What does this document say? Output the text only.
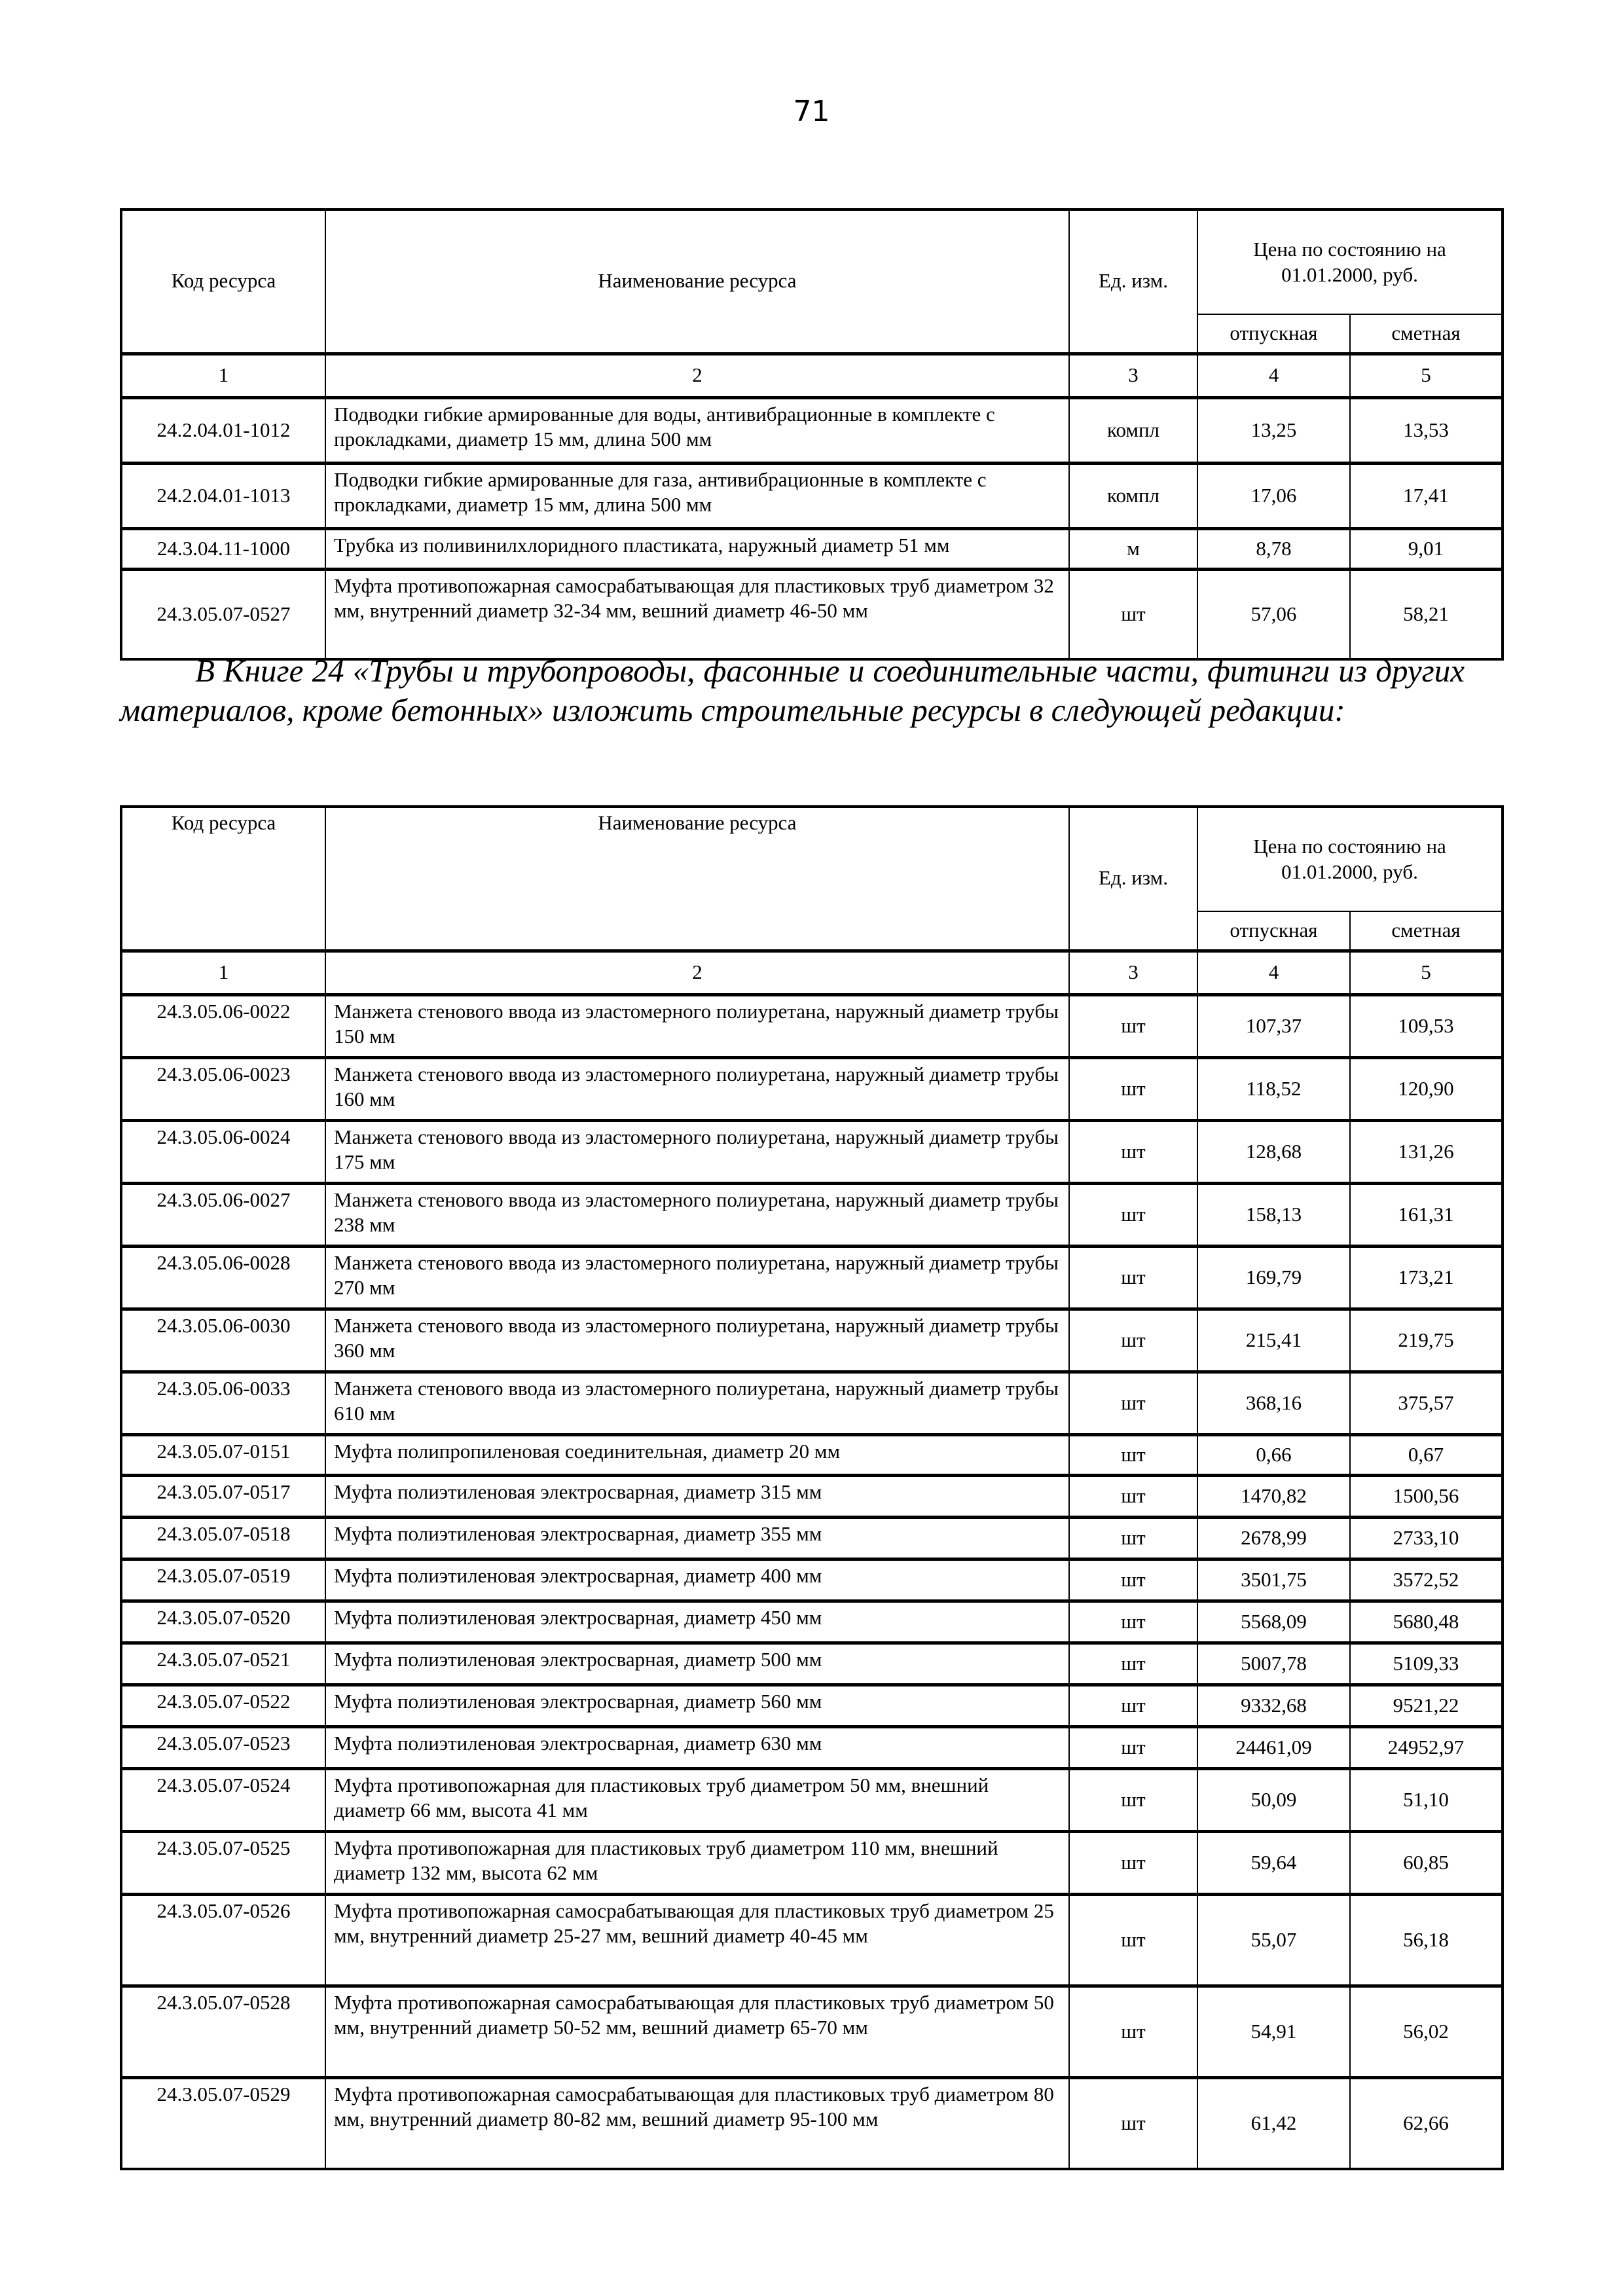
71
Код ресурса	Наименование ресурса	Ед. изм.	Цена по состоянию на 01.01.2000, руб.	
			отпускная	сметная
1	2	3	4	5
24.2.04.01-1012	Подводки гибкие армированные для воды, антивибрационные в комплекте с прокладками, диаметр 15 мм, длина 500 мм	компл	13,25	13,53
24.2.04.01-1013	Подводки гибкие армированные для газа, антивибрационные в комплекте с прокладками, диаметр 15 мм, длина 500 мм	компл	17,06	17,41
24.3.04.11-1000	Трубка из поливинилхлоридного пластиката, наружный диаметр 51 мм	м	8,78	9,01
24.3.05.07-0527	Муфта противопожарная самосрабатывающая для пластиковых труб диаметром 32 мм, внутренний диаметр 32-34 мм, вешний диаметр 46-50 мм	шт	57,06	58,21
В Книге 24 «Трубы и трубопроводы, фасонные и соединительные части, фитинги из других материалов, кроме бетонных» изложить строительные ресурсы в следующей редакции:
Код ресурса	Наименование ресурса	Ед. изм.	Цена по состоянию на 01.01.2000, руб.	
			отпускная	сметная
1	2	3	4	5
24.3.05.06-0022	Манжета стенового ввода из эластомерного полиуретана, наружный диаметр трубы 150 мм	шт	107,37	109,53
24.3.05.06-0023	Манжета стенового ввода из эластомерного полиуретана, наружный диаметр трубы 160 мм	шт	118,52	120,90
24.3.05.06-0024	Манжета стенового ввода из эластомерного полиуретана, наружный диаметр трубы 175 мм	шт	128,68	131,26
24.3.05.06-0027	Манжета стенового ввода из эластомерного полиуретана, наружный диаметр трубы 238 мм	шт	158,13	161,31
24.3.05.06-0028	Манжета стенового ввода из эластомерного полиуретана, наружный диаметр трубы 270 мм	шт	169,79	173,21
24.3.05.06-0030	Манжета стенового ввода из эластомерного полиуретана, наружный диаметр трубы 360 мм	шт	215,41	219,75
24.3.05.06-0033	Манжета стенового ввода из эластомерного полиуретана, наружный диаметр трубы 610 мм	шт	368,16	375,57
24.3.05.07-0151	Муфта полипропиленовая соединительная, диаметр 20 мм	шт	0,66	0,67
24.3.05.07-0517	Муфта полиэтиленовая электросварная, диаметр 315 мм	шт	1470,82	1500,56
24.3.05.07-0518	Муфта полиэтиленовая электросварная, диаметр 355 мм	шт	2678,99	2733,10
24.3.05.07-0519	Муфта полиэтиленовая электросварная, диаметр 400 мм	шт	3501,75	3572,52
24.3.05.07-0520	Муфта полиэтиленовая электросварная, диаметр 450 мм	шт	5568,09	5680,48
24.3.05.07-0521	Муфта полиэтиленовая электросварная, диаметр 500 мм	шт	5007,78	5109,33
24.3.05.07-0522	Муфта полиэтиленовая электросварная, диаметр 560 мм	шт	9332,68	9521,22
24.3.05.07-0523	Муфта полиэтиленовая электросварная, диаметр 630 мм	шт	24461,09	24952,97
24.3.05.07-0524	Муфта противопожарная для пластиковых труб диаметром 50 мм, внешний диаметр 66 мм, высота 41 мм	шт	50,09	51,10
24.3.05.07-0525	Муфта противопожарная для пластиковых труб диаметром 110 мм, внешний диаметр 132 мм, высота 62 мм	шт	59,64	60,85
24.3.05.07-0526	Муфта противопожарная самосрабатывающая для пластиковых труб диаметром 25 мм, внутренний диаметр 25-27 мм, вешний диаметр 40-45 мм	шт	55,07	56,18
24.3.05.07-0528	Муфта противопожарная самосрабатывающая для пластиковых труб диаметром 50 мм, внутренний диаметр 50-52 мм, вешний диаметр 65-70 мм	шт	54,91	56,02
24.3.05.07-0529	Муфта противопожарная самосрабатывающая для пластиковых труб диаметром 80 мм, внутренний диаметр 80-82 мм, вешний диаметр 95-100 мм	шт	61,42	62,66
